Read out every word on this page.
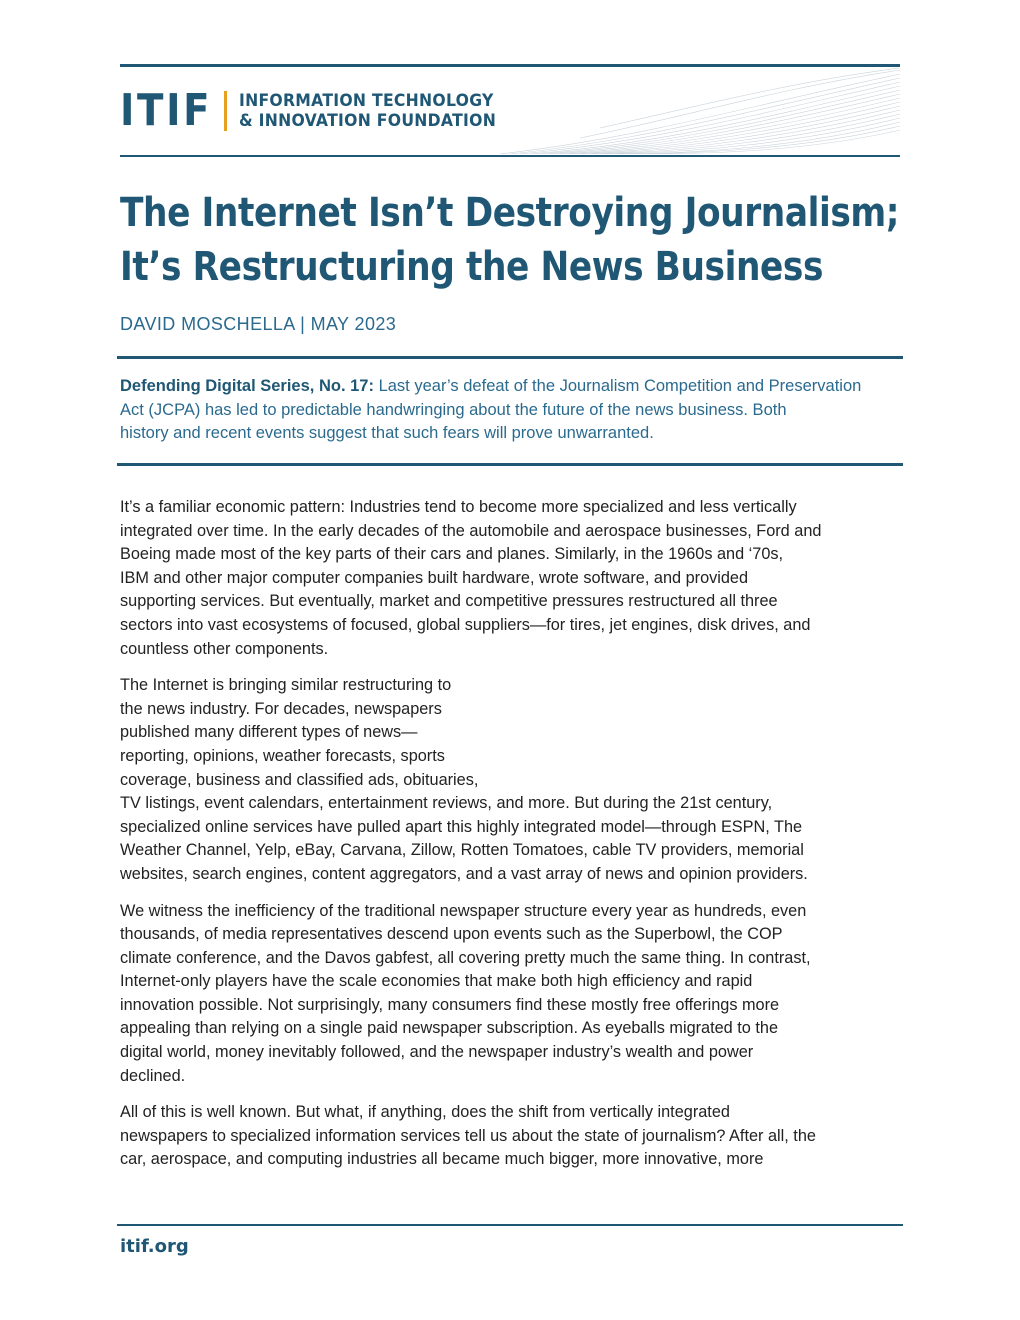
ITIF INFORMATION TECHNOLOGY
& INNOVATION FOUNDATION
The Internet Isn’t Destroying Journalism;
It’s Restructuring the News Business
DAVID MOSCHELLA | MAY 2023
Defending Digital Series, No. 17: Last year’s defeat of the Journalism Competition and Preservation
Act (JCPA) has led to predictable handwringing about the future of the news business. Both
history and recent events suggest that such fears will prove unwarranted.

It’s a familiar economic pattern: Industries tend to become more specialized and less vertically
integrated over time. In the early decades of the automobile and aerospace businesses, Ford and
Boeing made most of the key parts of their cars and planes. Similarly, in the 1960s and ‘70s,
IBM and other major computer companies built hardware, wrote software, and provided
supporting services. But eventually, market and competitive pressures restructured all three
sectors into vast ecosystems of focused, global suppliers—for tires, jet engines, disk drives, and
countless other components.

The Internet is bringing similar restructuring to
the news industry. For decades, newspapers
published many different types of news—
reporting, opinions, weather forecasts, sports
coverage, business and classified ads, obituaries,
TV listings, event calendars, entertainment reviews, and more. But during the 21st century,
specialized online services have pulled apart this highly integrated model—through ESPN, The
Weather Channel, Yelp, eBay, Carvana, Zillow, Rotten Tomatoes, cable TV providers, memorial
websites, search engines, content aggregators, and a vast array of news and opinion providers.

We witness the inefficiency of the traditional newspaper structure every year as hundreds, even
thousands, of media representatives descend upon events such as the Superbowl, the COP
climate conference, and the Davos gabfest, all covering pretty much the same thing. In contrast,
Internet-only players have the scale economies that make both high efficiency and rapid
innovation possible. Not surprisingly, many consumers find these mostly free offerings more
appealing than relying on a single paid newspaper subscription. As eyeballs migrated to the
digital world, money inevitably followed, and the newspaper industry’s wealth and power
declined.

All of this is well known. But what, if anything, does the shift from vertically integrated
newspapers to specialized information services tell us about the state of journalism? After all, the
car, aerospace, and computing industries all became much bigger, more innovative, more

itif.org
